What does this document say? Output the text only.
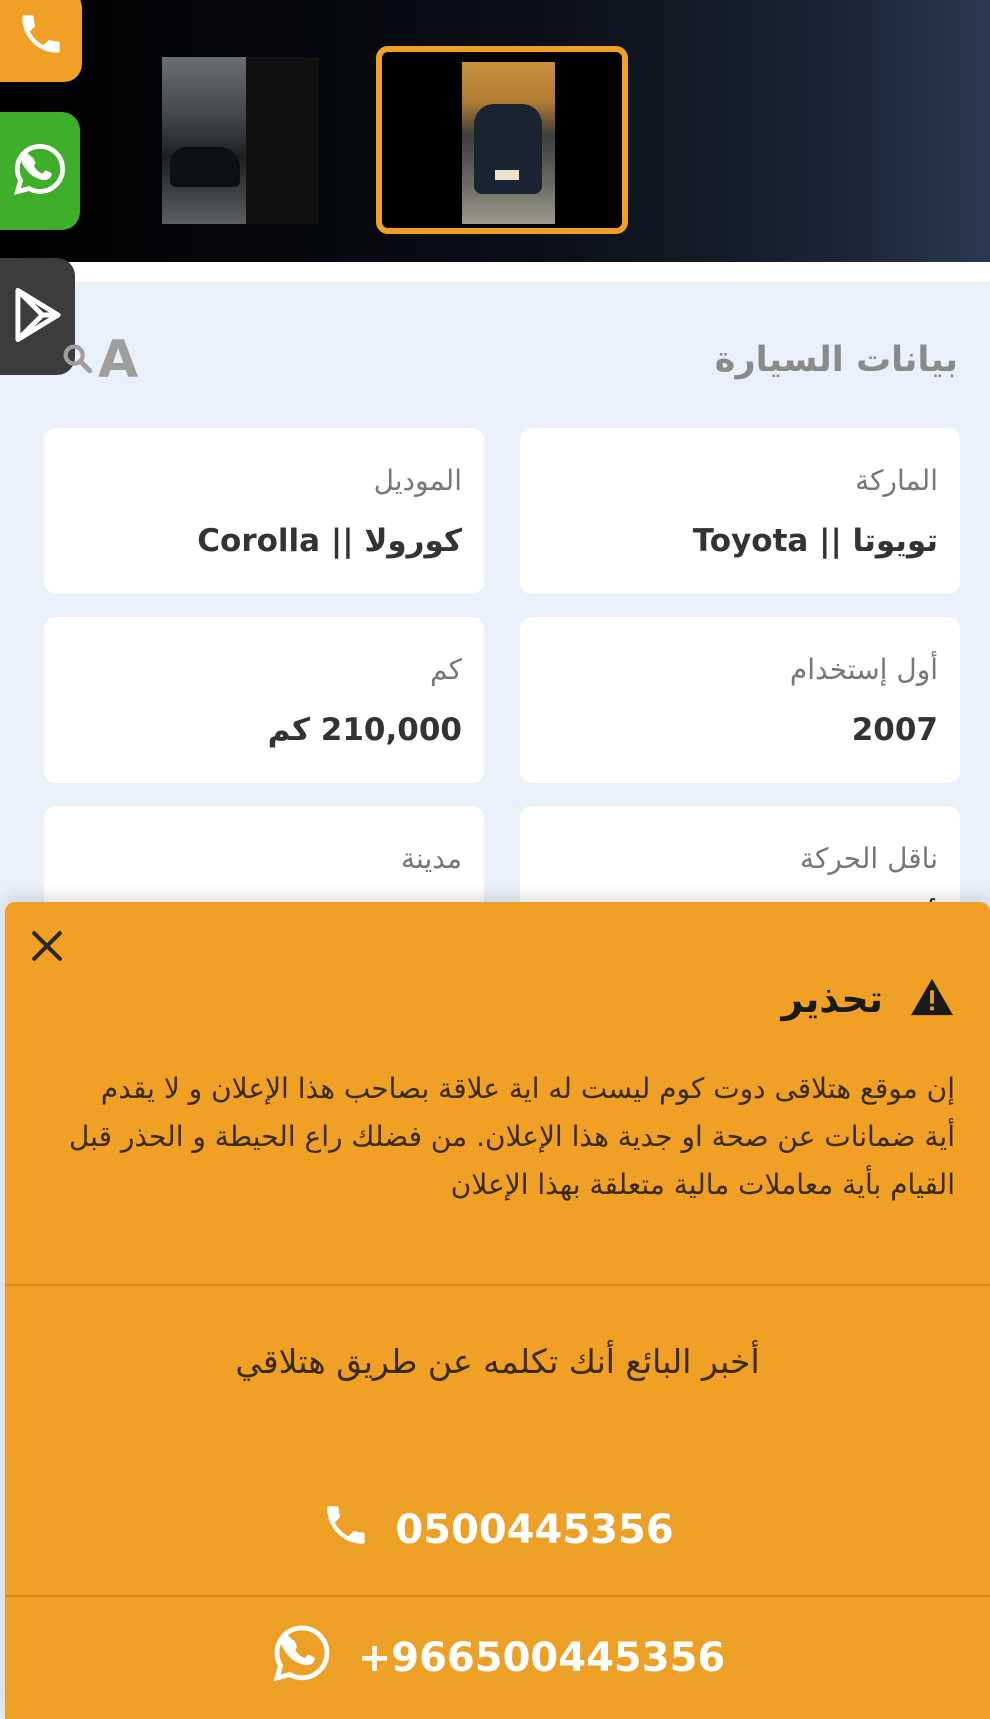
A	بيانات السيارة
الماركة
تويوتا || Toyota
الموديل
كورولا || Corolla
أول إستخدام
2007
كم
210,000 كم
ناقل الحركة
مدينة
تحذير
إن موقع هتلاقى دوت كوم ليست له اية علاقة بصاحب هذا الإعلان و لا يقدم أية ضمانات عن صحة او جدية هذا الإعلان. من فضلك راع الحيطة و الحذر قبل القيام بأية معاملات مالية متعلقة بهذا الإعلان
أخبر البائع أنك تكلمه عن طريق هتلاقي
0500445356
+966500445356
